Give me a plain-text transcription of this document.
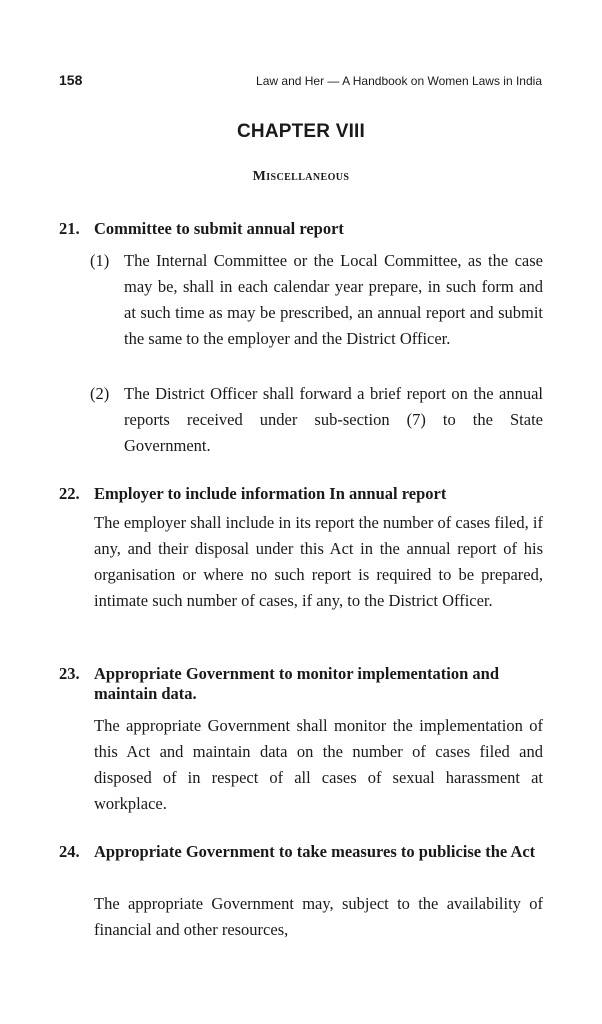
158	Law and Her — A Handbook on Women Laws in India
CHAPTER VIII
Miscellaneous
21. Committee to submit annual report
(1) The Internal Committee or the Local Committee, as the case may be, shall in each calendar year prepare, in such form and at such time as may be prescribed, an annual report and submit the same to the employer and the District Officer.
(2) The District Officer shall forward a brief report on the annual reports received under sub-section (7) to the State Government.
22. Employer to include information In annual report
The employer shall include in its report the number of cases filed, if any, and their disposal under this Act in the annual report of his organisation or where no such report is required to be prepared, intimate such number of cases, if any, to the District Officer.
23. Appropriate Government to monitor implementation and maintain data.
The appropriate Government shall monitor the implementation of this Act and maintain data on the number of cases filed and disposed of in respect of all cases of sexual harassment at workplace.
24. Appropriate Government to take measures to publicise the Act
The appropriate Government may, subject to the availability of financial and other resources,
